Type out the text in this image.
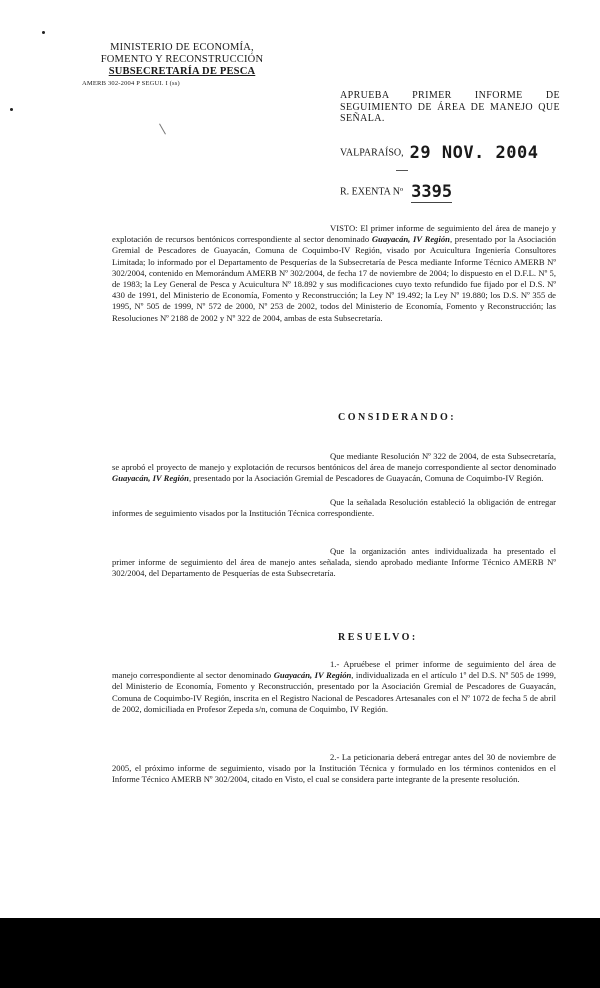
MINISTERIO DE ECONOMÍA,
FOMENTO Y RECONSTRUCCIÓN
SUBSECRETARÍA DE PESCA
AMERB 302-2004 P SEGUI. I (ss)
APRUEBA PRIMER INFORME DE SEGUIMIENTO DE ÁREA DE MANEJO QUE SEÑALA.
VALPARAÍSO, 29 NOV. 2004
R. EXENTA Nº 3395
VISTO: El primer informe de seguimiento del área de manejo y explotación de recursos bentónicos correspondiente al sector denominado Guayacán, IV Región, presentado por la Asociación Gremial de Pescadores de Guayacán, Comuna de Coquimbo-IV Región, visado por Acuicultura Ingeniería Consultores Limitada; lo informado por el Departamento de Pesquerías de la Subsecretaría de Pesca mediante Informe Técnico AMERB Nº 302/2004, contenido en Memorándum AMERB Nº 302/2004, de fecha 17 de noviembre de 2004; lo dispuesto en el D.F.L. Nº 5, de 1983; la Ley General de Pesca y Acuicultura Nº 18.892 y sus modificaciones cuyo texto refundido fue fijado por el D.S. Nº 430 de 1991, del Ministerio de Economía, Fomento y Reconstrucción; la Ley Nº 19.492; la Ley Nº 19.880; los D.S. Nº 355 de 1995, Nº 505 de 1999, Nº 572 de 2000, Nº 253 de 2002, todos del Ministerio de Economía, Fomento y Reconstrucción; las Resoluciones Nº 2188 de 2002 y Nº 322 de 2004, ambas de esta Subsecretaría.
CONSIDERANDO:
Que mediante Resolución Nº 322 de 2004, de esta Subsecretaría, se aprobó el proyecto de manejo y explotación de recursos bentónicos del área de manejo correspondiente al sector denominado Guayacán, IV Región, presentado por la Asociación Gremial de Pescadores de Guayacán, Comuna de Coquimbo-IV Región.
Que la señalada Resolución estableció la obligación de entregar informes de seguimiento visados por la Institución Técnica correspondiente.
Que la organización antes individualizada ha presentado el primer informe de seguimiento del área de manejo antes señalada, siendo aprobado mediante Informe Técnico AMERB Nº 302/2004, del Departamento de Pesquerías de esta Subsecretaría.
RESUELVO:
1.- Apruébese el primer informe de seguimiento del área de manejo correspondiente al sector denominado Guayacán, IV Región, individualizada en el artículo 1º del D.S. Nº 505 de 1999, del Ministerio de Economía, Fomento y Reconstrucción, presentado por la Asociación Gremial de Pescadores de Guayacán, Comuna de Coquimbo-IV Región, inscrita en el Registro Nacional de Pescadores Artesanales con el Nº 1072 de fecha 5 de abril de 2002, domiciliada en Profesor Zepeda s/n, comuna de Coquimbo, IV Región.
2.- La peticionaria deberá entregar antes del 30 de noviembre de 2005, el próximo informe de seguimiento, visado por la Institución Técnica y formulado en los términos contenidos en el Informe Técnico AMERB Nº 302/2004, citado en Visto, el cual se considera parte integrante de la presente resolución.
